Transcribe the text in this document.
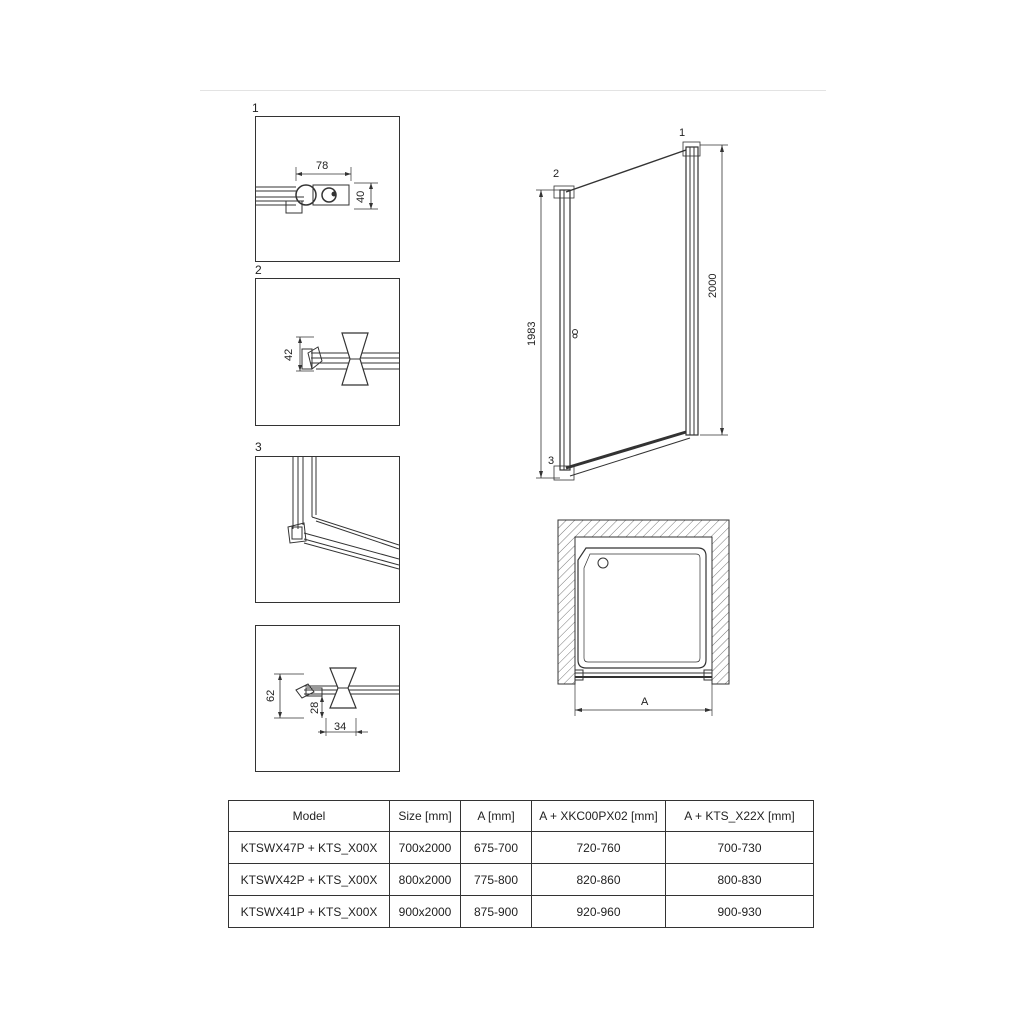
1
78
40
2
42
3
62
28
34
1
2
3
1983
2000
A
Model	Size [mm]	A [mm]	A + XKC00PX02 [mm]	A + KTS_X22X [mm]
KTSWX47P + KTS_X00X	700x2000	675-700	720-760	700-730
KTSWX42P + KTS_X00X	800x2000	775-800	820-860	800-830
KTSWX41P + KTS_X00X	900x2000	875-900	920-960	900-930
